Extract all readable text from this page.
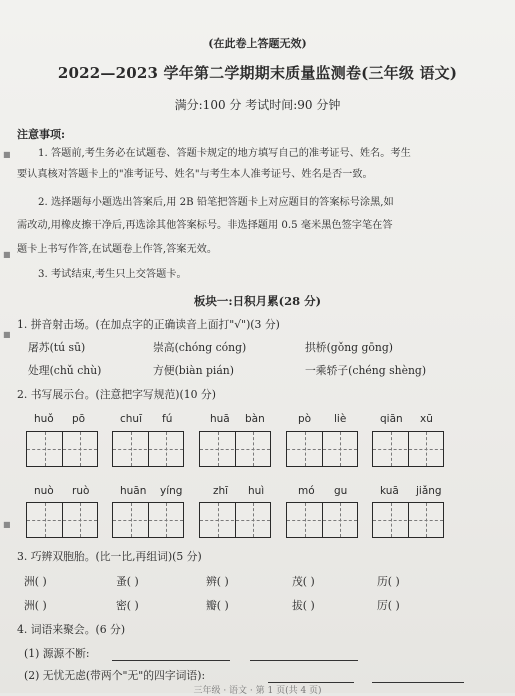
(在此卷上答题无效)
2022—2023 学年第二学期期末质量监测卷(三年级 语文)
满分:100 分 考试时间:90 分钟
注意事项:
1. 答题前,考生务必在试题卷、答题卡规定的地方填写自己的准考证号、姓名。考生
要认真核对答题卡上的"准考证号、姓名"与考生本人准考证号、姓名是否一致。
2. 选择题每小题选出答案后,用 2B 铅笔把答题卡上对应题目的答案标号涂黑,如
需改动,用橡皮擦干净后,再选涂其他答案标号。非选择题用 0.5 毫米黑色签字笔在答
题卡上书写作答,在试题卷上作答,答案无效。
3. 考试结束,考生只上交答题卡。
板块一:日积月累(28 分)
1. 拼音射击场。(在加点字的正确读音上面打"√")(3 分)
屠苏(tú sū)	崇高(chóng cóng)	拱桥(gǒng gōng)
处理(chǔ chù)	方便(biàn pián)	一乘轿子(chéng shèng)
2. 书写展示台。(注意把字写规范)(10 分)
huǒ pō	chuī fú	huā bàn	pò liè	qiān xū
nuò ruò	huān yíng	zhī huì	mó gu	kuā jiǎng
3. 巧辨双胞胎。(比一比,再组词)(5 分)
洲( )	蚤( )	辨( )	茂( )	历( )
洲( )	密( )	瓣( )	拔( )	厉( )
4. 词语来聚会。(6 分)
(1) 源源不断:
(2) 无忧无虑(带两个"无"的四字词语):
三年级 · 语文 · 第 1 页(共 4 页)
■
■
■
■
